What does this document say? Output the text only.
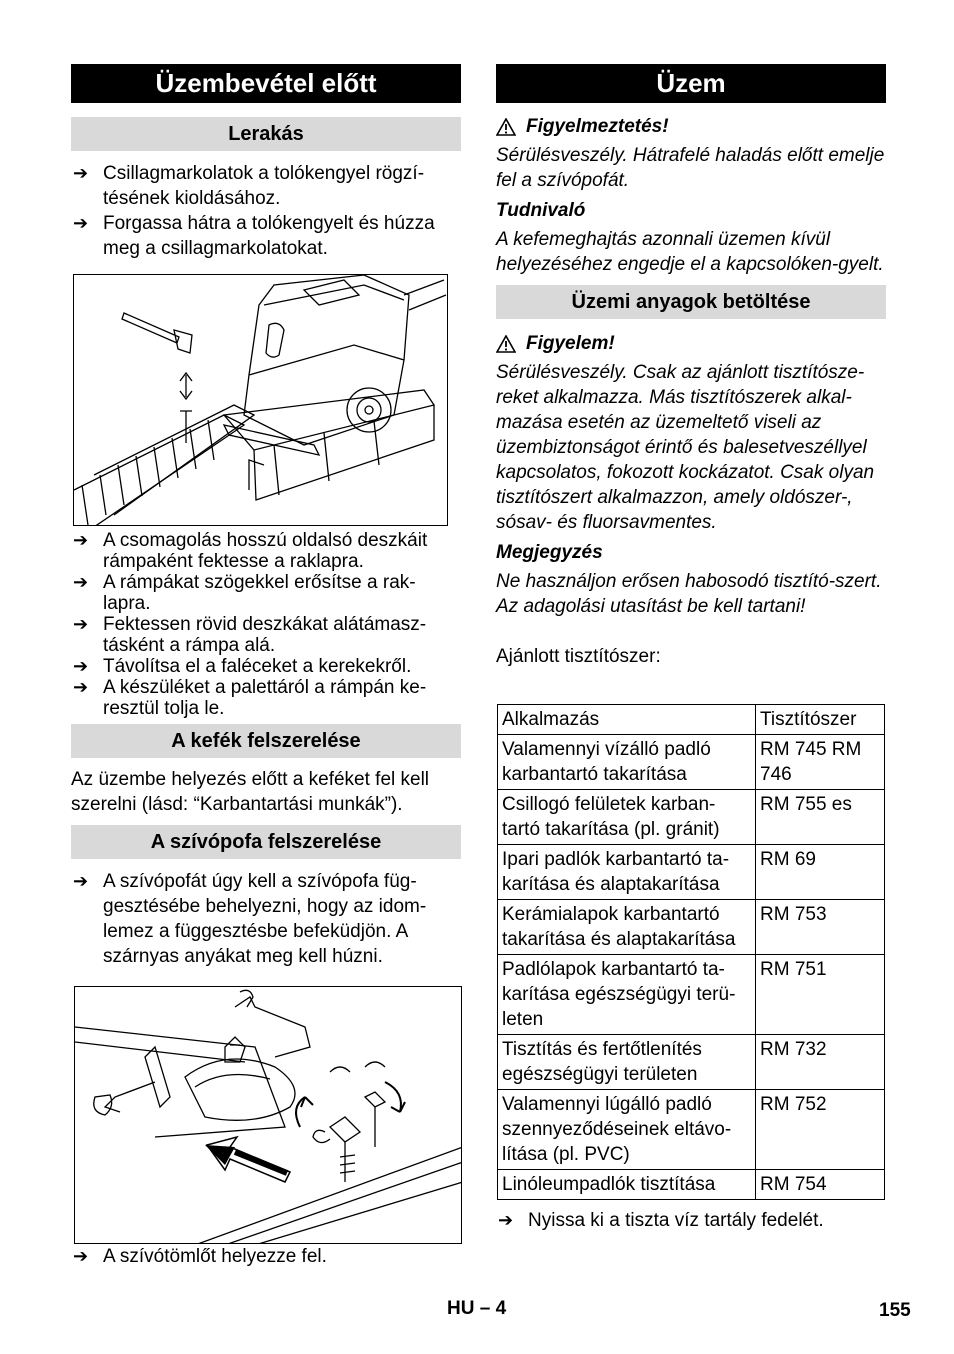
Üzembevétel előtt
Lerakás
➔ Csillagmarkolatok a tolókengyel rögzí-tésének kioldásához.
➔ Forgassa hátra a tolókengyelt és húzza meg a csillagmarkolatokat.
➔ A csomagolás hosszú oldalsó deszkáit rámpaként fektesse a raklapra.
➔ A rámpákat szögekkel erősítse a rak-lapra.
➔ Fektessen rövid deszkákat alátámasz-tásként a rámpa alá.
➔ Távolítsa el a faléceket a kerekekről.
➔ A készüléket a palettáról a rámpán ke-resztül tolja le.
A kefék felszerelése

Az üzembe helyezés előtt a keféket fel kell szerelni (lásd: “Karbantartási munkák”).

A szívópofa felszerelése
➔ A szívópofát úgy kell a szívópofa füg-gesztésébe behelyezni, hogy az idom-lemez a függesztésbe befeküdjön. A szárnyas anyákat meg kell húzni.
➔ A szívótömlőt helyezze fel.
Üzem
Figyelmeztetés!

Sérülésveszély. Hátrafelé haladás előtt emelje fel a szívópofát.

Tudnivaló

A kefemeghajtás azonnali üzemen kívül helyezéséhez engedje el a kapcsolóken-gyelt.

Üzemi anyagok betöltése
Figyelem!

Sérülésveszély. Csak az ajánlott tisztítósze-reket alkalmazza. Más tisztítószerek alkal-mazása esetén az üzemeltető viseli az üzembiztonságot érintő és balesetveszéllyel kapcsolatos, fokozott kockázatot. Csak olyan tisztítószert alkalmazzon, amely oldószer-, sósav- és fluorsavmentes.

Megjegyzés

Ne használjon erősen habosodó tisztító-szert. Az adagolási utasítást be kell tartani!

Ajánlott tisztítószer:

Alkalmazás	Tisztítószer
Valamennyi vízálló padló karbantartó takarítása	RM 745 RM 746
Csillogó felületek karban-tartó takarítása (pl. gránit)	RM 755 es
Ipari padlók karbantartó ta-karítása és alaptakarítása	RM 69
Kerámialapok karbantartó takarítása és alaptakarítása	RM 753
Padlólapok karbantartó ta-karítása egészségügyi terü-leten	RM 751
Tisztítás és fertőtlenítés egészségügyi területen	RM 732
Valamennyi lúgálló padló szennyeződéseinek eltávo-lítása (pl. PVC)	RM 752
Linóleumpadlók tisztítása	RM 754
➔ Nyissa ki a tiszta víz tartály fedelét.
HU – 4	155
